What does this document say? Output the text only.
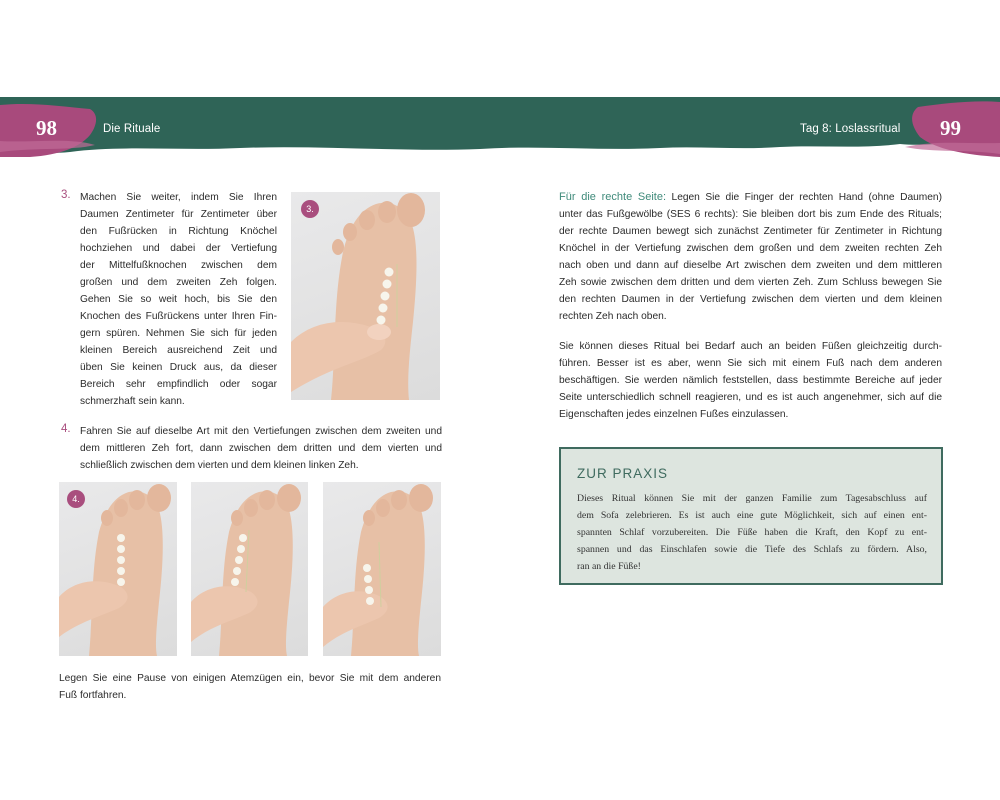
98	Die Rituale	Tag 8: Loslassritual 99
3. Machen Sie weiter, indem Sie Ihren
Daumen Zentimeter für Zentimeter über
den Fußrücken in Richtung Knöchel
hochziehen und dabei der Vertiefung
der Mittelfußknochen zwischen dem
großen und dem zweiten Zeh folgen.
Gehen Sie so weit hoch, bis Sie den
Knochen des Fußrückens unter Ihren Fin-
gern spüren. Nehmen Sie sich für jeden
kleinen Bereich ausreichend Zeit und
üben Sie keinen Druck aus, da dieser
Bereich sehr empfindlich oder sogar
schmerzhaft sein kann.
3.
4. Fahren Sie auf dieselbe Art mit den Vertiefungen zwischen dem zweiten und
dem mittleren Zeh fort, dann zwischen dem dritten und dem vierten und
schließlich zwischen dem vierten und dem kleinen linken Zeh.
4.
Legen Sie eine Pause von einigen Atemzügen ein, bevor Sie mit dem anderen
Fuß fortfahren.
Für die rechte Seite: Legen Sie die Finger der rechten Hand (ohne Daumen)
unter das Fußgewölbe (SES 6 rechts): Sie bleiben dort bis zum Ende des Rituals;
der rechte Daumen bewegt sich zunächst Zentimeter für Zentimeter in Richtung
Knöchel in der Vertiefung zwischen dem großen und dem zweiten rechten Zeh
nach oben und dann auf dieselbe Art zwischen dem zweiten und dem mittleren
Zeh sowie zwischen dem dritten und dem vierten Zeh. Zum Schluss bewegen Sie
den rechten Daumen in der Vertiefung zwischen dem vierten und dem kleinen
rechten Zeh nach oben.
Sie können dieses Ritual bei Bedarf auch an beiden Füßen gleichzeitig durch-
führen. Besser ist es aber, wenn Sie sich mit einem Fuß nach dem anderen
beschäftigen. Sie werden nämlich feststellen, dass bestimmte Bereiche auf jeder
Seite unterschiedlich schnell reagieren, und es ist auch angenehmer, sich auf die
Eigenschaften jedes einzelnen Fußes einzulassen.
ZUR PRAXIS
Dieses Ritual können Sie mit der ganzen Familie zum Tagesabschluss auf
dem Sofa zelebrieren. Es ist auch eine gute Möglichkeit, sich auf einen ent-
spannten Schlaf vorzubereiten. Die Füße haben die Kraft, den Kopf zu ent-
spannen und das Einschlafen sowie die Tiefe des Schlafs zu fördern. Also,
ran an die Füße!
